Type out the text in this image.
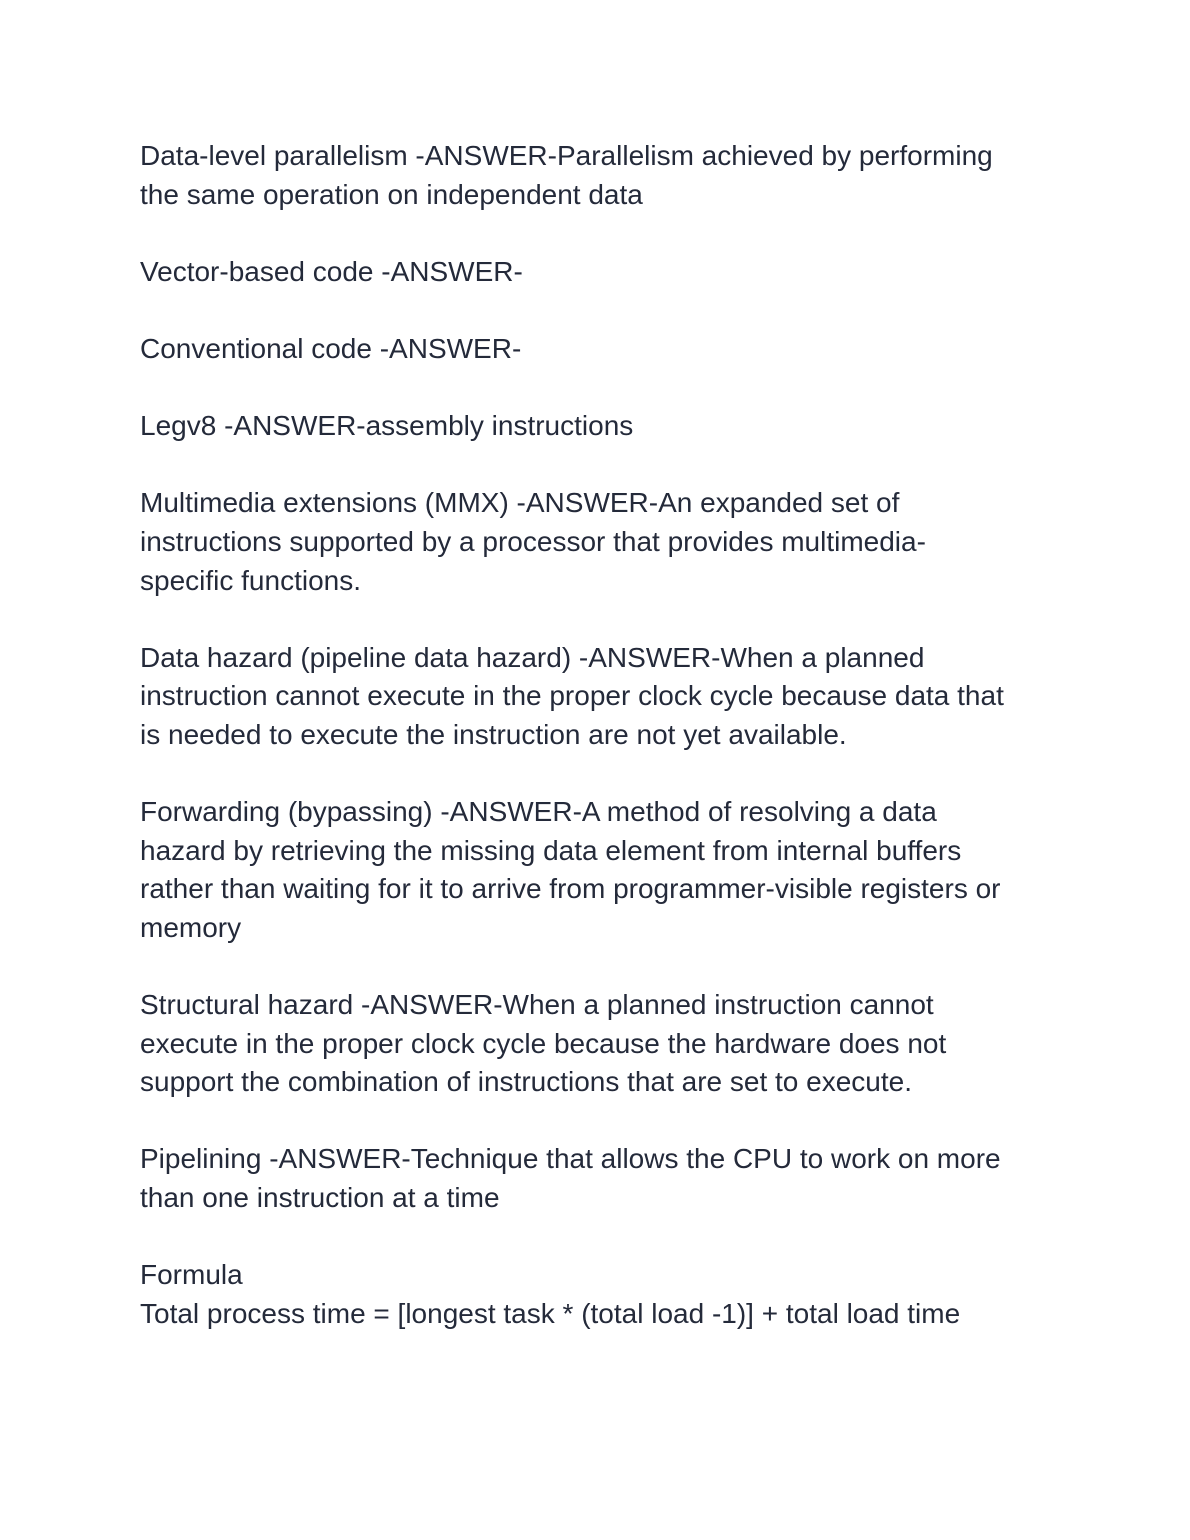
Data-level parallelism -ANSWER-Parallelism achieved by performing
the same operation on independent data

Vector-based code -ANSWER-

Conventional code -ANSWER-

Legv8 -ANSWER-assembly instructions

Multimedia extensions (MMX) -ANSWER-An expanded set of
instructions supported by a processor that provides multimedia-
specific functions.

Data hazard (pipeline data hazard) -ANSWER-When a planned
instruction cannot execute in the proper clock cycle because data that
is needed to execute the instruction are not yet available.

Forwarding (bypassing) -ANSWER-A method of resolving a data
hazard by retrieving the missing data element from internal buffers
rather than waiting for it to arrive from programmer-visible registers or
memory

Structural hazard -ANSWER-When a planned instruction cannot
execute in the proper clock cycle because the hardware does not
support the combination of instructions that are set to execute.

Pipelining -ANSWER-Technique that allows the CPU to work on more
than one instruction at a time

Formula
Total process time = [longest task * (total load -1)] + total load time
